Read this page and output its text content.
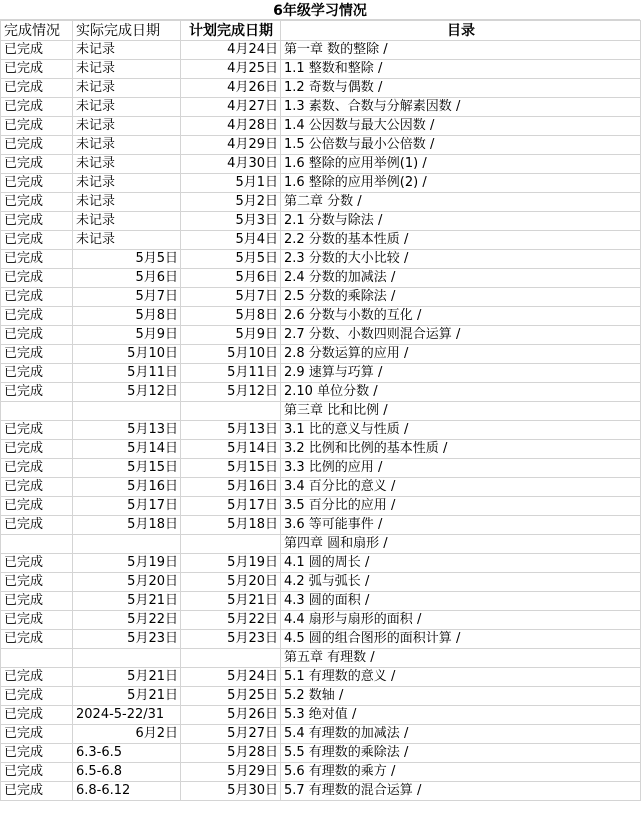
6年级学习情况
完成情况	实际完成日期	计划完成日期	目录
已完成	未记录	4月24日	第一章 数的整除 /
已完成	未记录	4月25日	1.1 整数和整除 /
已完成	未记录	4月26日	1.2 奇数与偶数 /
已完成	未记录	4月27日	1.3 素数、合数与分解素因数 /
已完成	未记录	4月28日	1.4 公因数与最大公因数 /
已完成	未记录	4月29日	1.5 公倍数与最小公倍数 /
已完成	未记录	4月30日	1.6 整除的应用举例(1) /
已完成	未记录	5月1日	1.6 整除的应用举例(2) /
已完成	未记录	5月2日	第二章 分数 /
已完成	未记录	5月3日	2.1 分数与除法 /
已完成	未记录	5月4日	2.2 分数的基本性质 /
已完成	5月5日	5月5日	2.3 分数的大小比较 /
已完成	5月6日	5月6日	2.4 分数的加减法 /
已完成	5月7日	5月7日	2.5 分数的乘除法 /
已完成	5月8日	5月8日	2.6 分数与小数的互化 /
已完成	5月9日	5月9日	2.7 分数、小数四则混合运算 /
已完成	5月10日	5月10日	2.8 分数运算的应用 /
已完成	5月11日	5月11日	2.9 速算与巧算 /
已完成	5月12日	5月12日	2.10 单位分数 /
			第三章 比和比例 /
已完成	5月13日	5月13日	3.1 比的意义与性质 /
已完成	5月14日	5月14日	3.2 比例和比例的基本性质 /
已完成	5月15日	5月15日	3.3 比例的应用 /
已完成	5月16日	5月16日	3.4 百分比的意义 /
已完成	5月17日	5月17日	3.5 百分比的应用 /
已完成	5月18日	5月18日	3.6 等可能事件 /
			第四章 圆和扇形 /
已完成	5月19日	5月19日	4.1 圆的周长 /
已完成	5月20日	5月20日	4.2 弧与弧长 /
已完成	5月21日	5月21日	4.3 圆的面积 /
已完成	5月22日	5月22日	4.4 扇形与扇形的面积 /
已完成	5月23日	5月23日	4.5 圆的组合图形的面积计算 /
			第五章 有理数 /
已完成	5月21日	5月24日	5.1 有理数的意义 /
已完成	5月21日	5月25日	5.2 数轴 /
已完成	2024-5-22/31	5月26日	5.3 绝对值 /
已完成	6月2日	5月27日	5.4 有理数的加减法 /
已完成	6.3-6.5	5月28日	5.5 有理数的乘除法 /
已完成	6.5-6.8	5月29日	5.6 有理数的乘方 /
已完成	6.8-6.12	5月30日	5.7 有理数的混合运算 /
